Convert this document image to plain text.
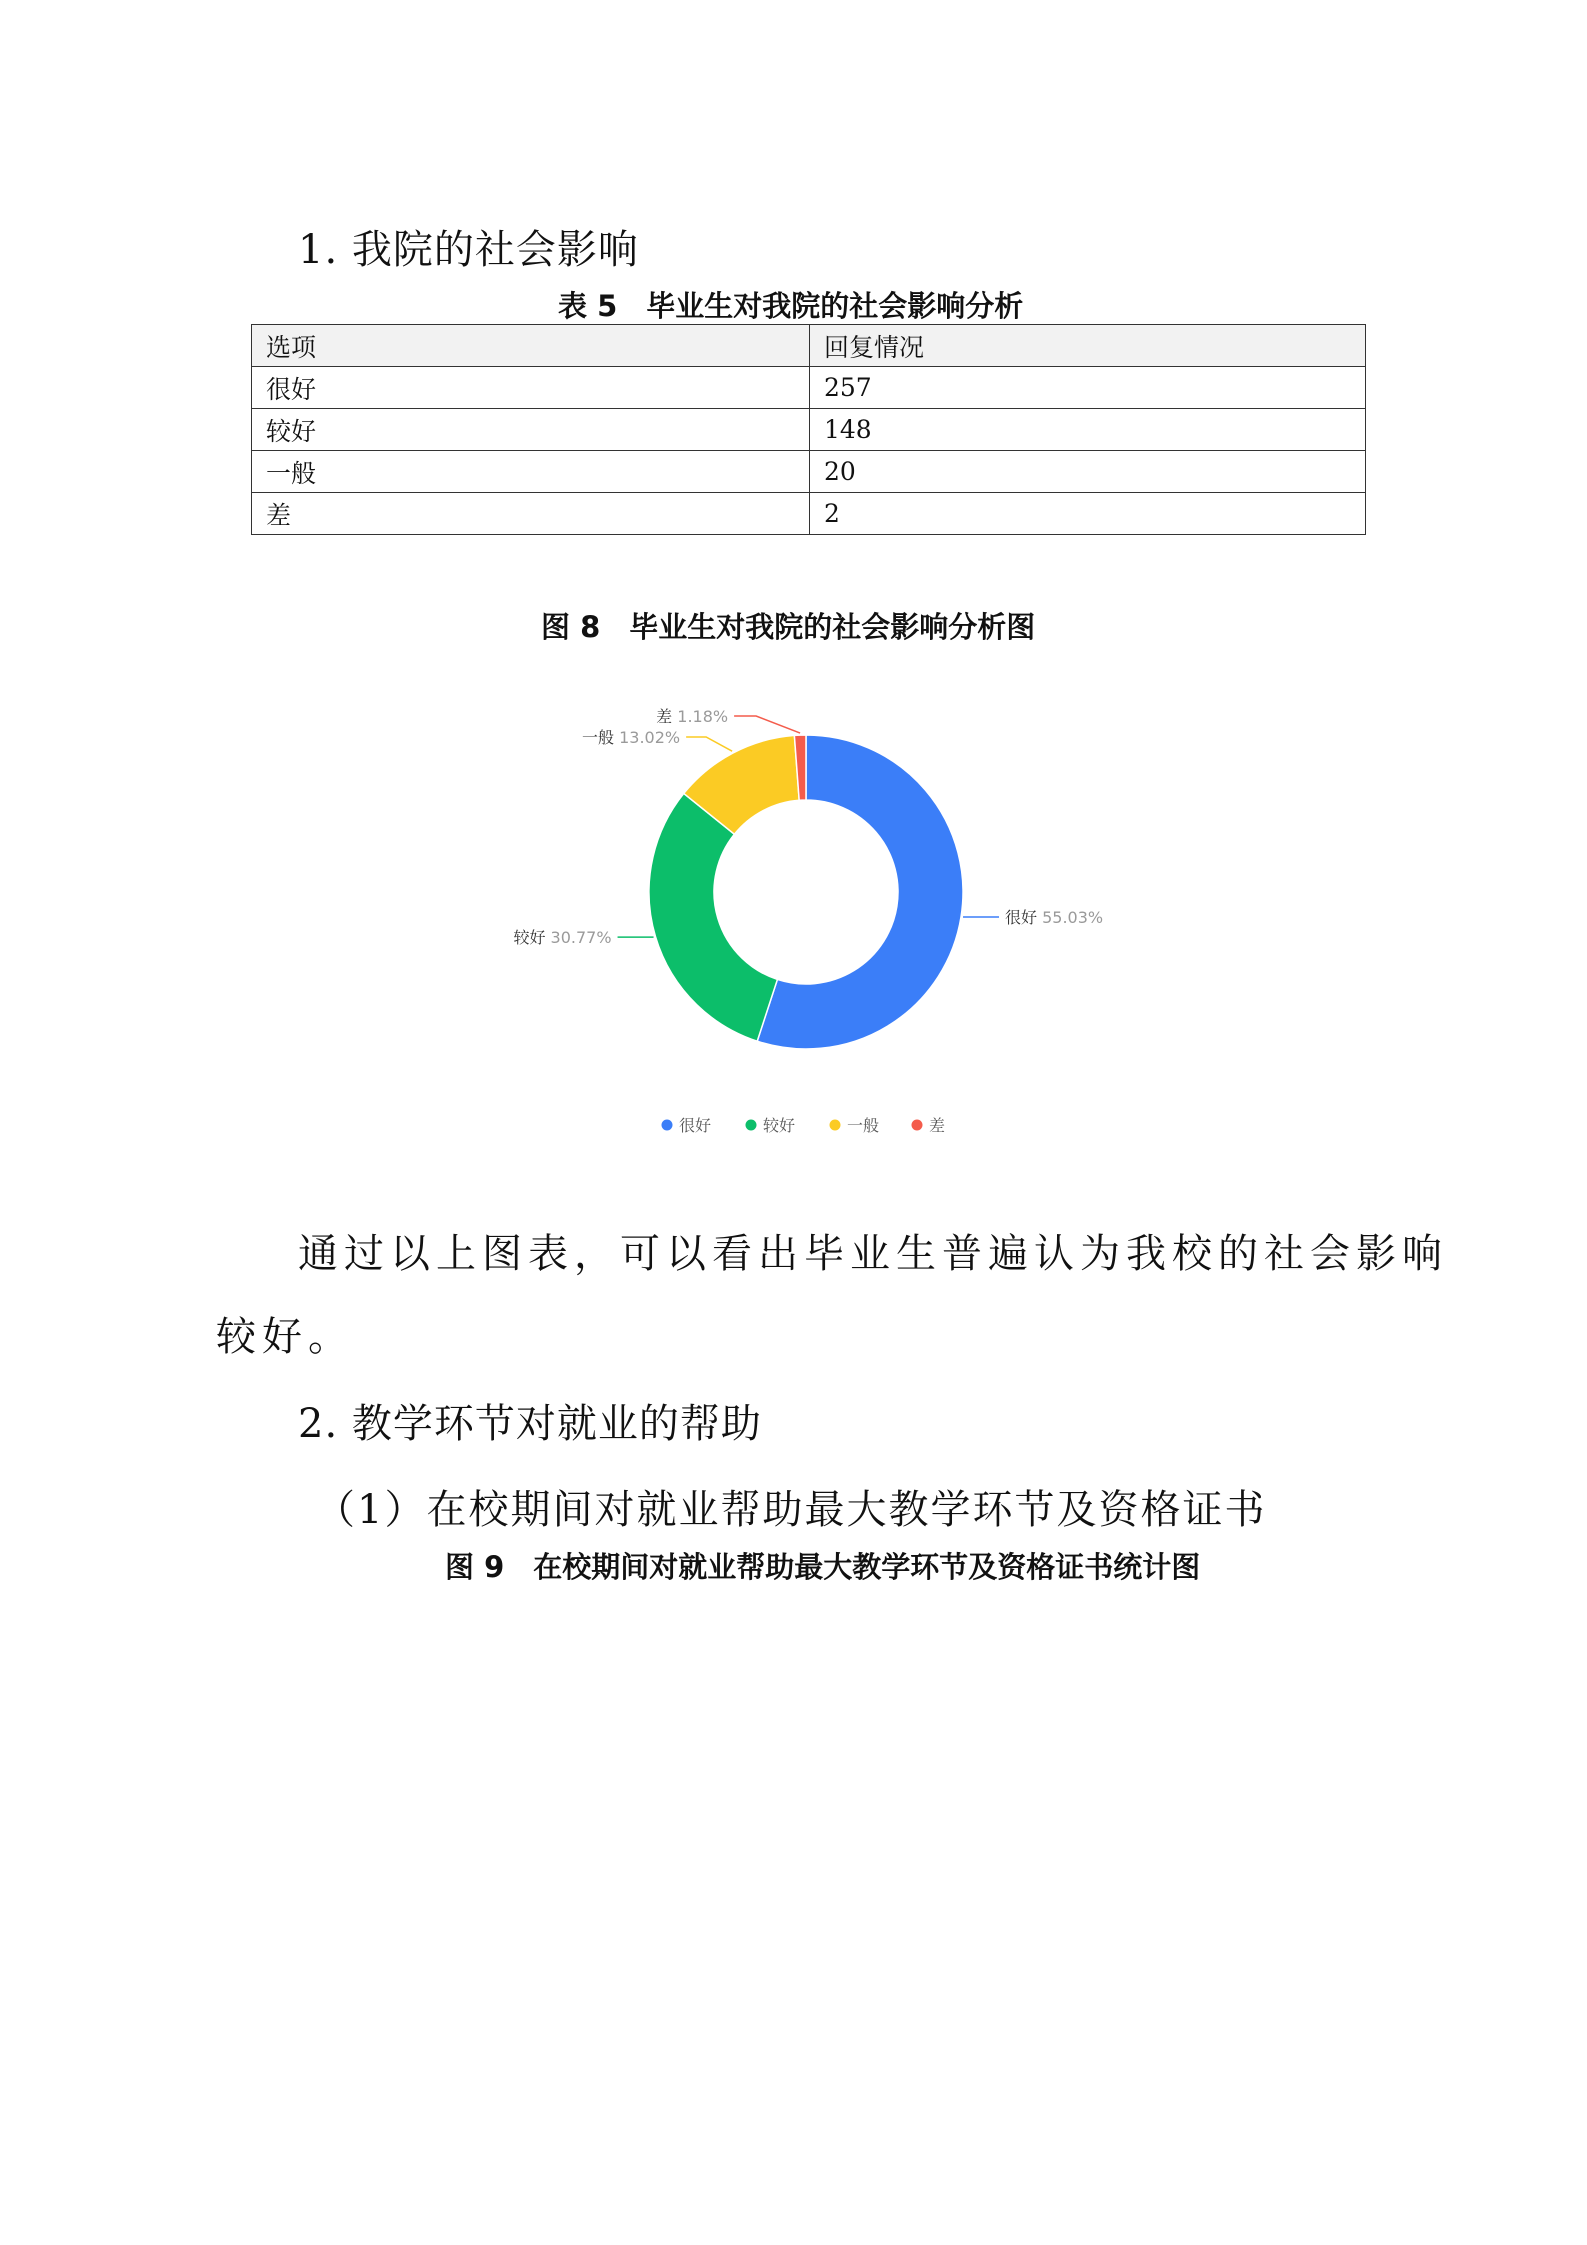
1. 我院的社会影响
表 5　毕业生对我院的社会影响分析
选项	回复情况
很好	257
较好	148
一般	20
差	2
图 8　毕业生对我院的社会影响分析图
很好 55.03%
较好 30.77%
一般 13.02%
差 1.18%
很好	较好	一般	差
通过以上图表，可以看出毕业生普遍认为我校的社会影响
较好。
2. 教学环节对就业的帮助
（1）在校期间对就业帮助最大教学环节及资格证书
图 9　在校期间对就业帮助最大教学环节及资格证书统计图
